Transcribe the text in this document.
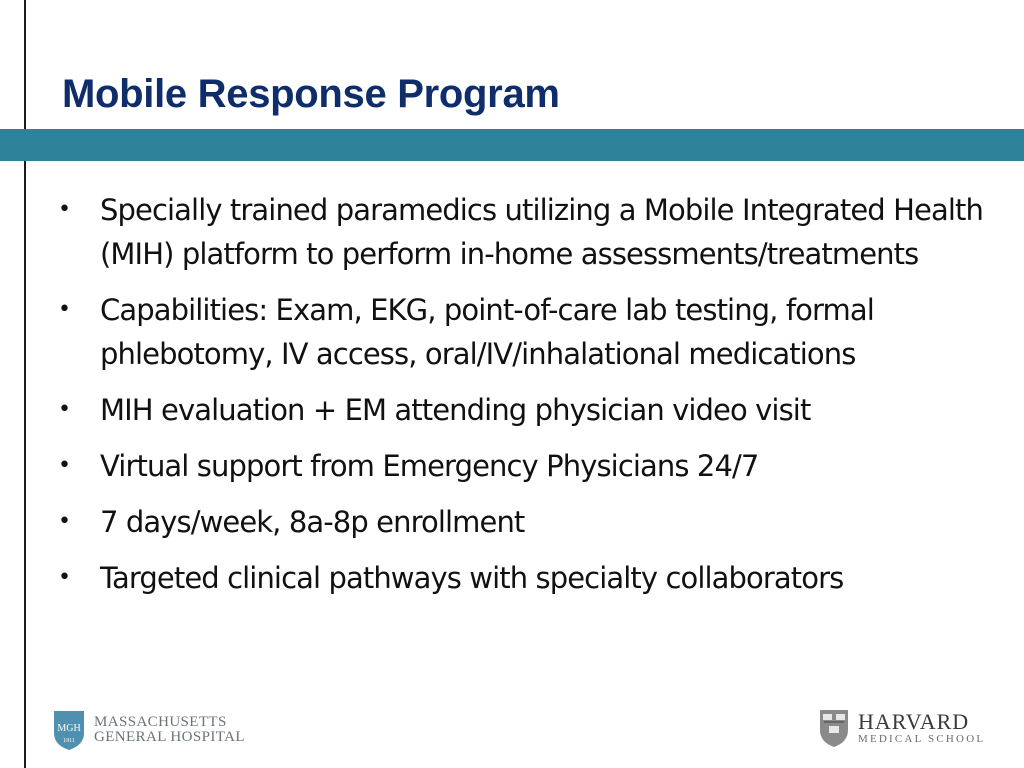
Mobile Response Program
•	Specially trained paramedics utilizing a Mobile Integrated Health (MIH) platform to perform in-home assessments/treatments
•	Capabilities: Exam, EKG, point-of-care lab testing, formal phlebotomy, IV access, oral/IV/inhalational medications
•	MIH evaluation + EM attending physician video visit
•	Virtual support from Emergency Physicians 24/7
•	7 days/week, 8a-8p enrollment
•	Targeted clinical pathways with specialty collaborators
MGH
1811
MASSACHUSETTS
GENERAL HOSPITAL
HARVARD
MEDICAL SCHOOL
